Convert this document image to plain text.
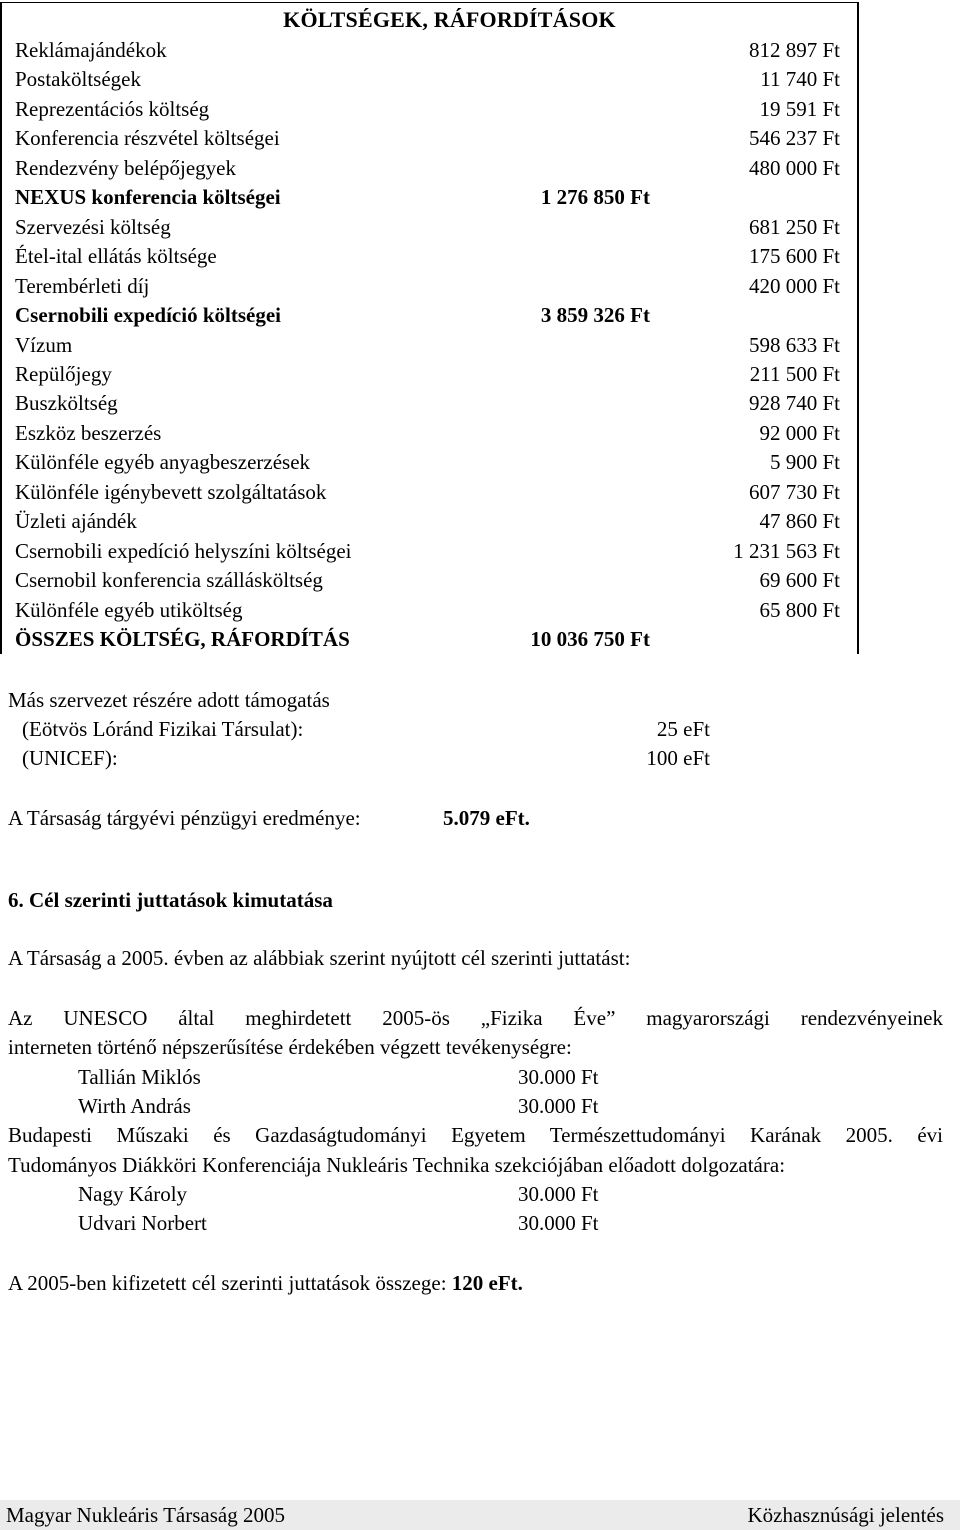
KÖLTSÉGEK, RÁFORDÍTÁSOK
Reklámajándékok	812 897 Ft
Postaköltségek	11 740 Ft
Reprezentációs költség	19 591 Ft
Konferencia részvétel költségei	546 237 Ft
Rendezvény belépőjegyek	480 000 Ft
NEXUS konferencia költségei	1 276 850 Ft
Szervezési költség	681 250 Ft
Étel-ital ellátás költsége	175 600 Ft
Terembérleti díj	420 000 Ft
Csernobili expedíció költségei	3 859 326 Ft
Vízum	598 633 Ft
Repülőjegy	211 500 Ft
Buszköltség	928 740 Ft
Eszköz beszerzés	92 000 Ft
Különféle egyéb anyagbeszerzések	5 900 Ft
Különféle igénybevett szolgáltatások	607 730 Ft
Üzleti ajándék	47 860 Ft
Csernobili expedíció helyszíni költségei	1 231 563 Ft
Csernobil konferencia szállásköltség	69 600 Ft
Különféle egyéb utiköltség	65 800 Ft
ÖSSZES KÖLTSÉG, RÁFORDÍTÁS	10 036 750 Ft
Más szervezet részére adott támogatás
(Eötvös Lóránd Fizikai Társulat):	25 eFt
(UNICEF):	100 eFt
A Társaság tárgyévi pénzügyi eredménye:	5.079 eFt.
6. Cél szerinti juttatások kimutatása
A Társaság a 2005. évben az alábbiak szerint nyújtott cél szerinti juttatást:
Az UNESCO által meghirdetett 2005-ös „Fizika Éve” magyarországi rendezvényeinek
interneten történő népszerűsítése érdekében végzett tevékenységre:
Tallián Miklós	30.000 Ft
Wirth András	30.000 Ft
Budapesti Műszaki és Gazdaságtudományi Egyetem Természettudományi Karának 2005. évi
Tudományos Diákköri Konferenciája Nukleáris Technika szekciójában előadott dolgozatára:
Nagy Károly	30.000 Ft
Udvari Norbert	30.000 Ft
A 2005-ben kifizetett cél szerinti juttatások összege: 120 eFt.
Magyar Nukleáris Társaság 2005	Közhasznúsági jelentés
